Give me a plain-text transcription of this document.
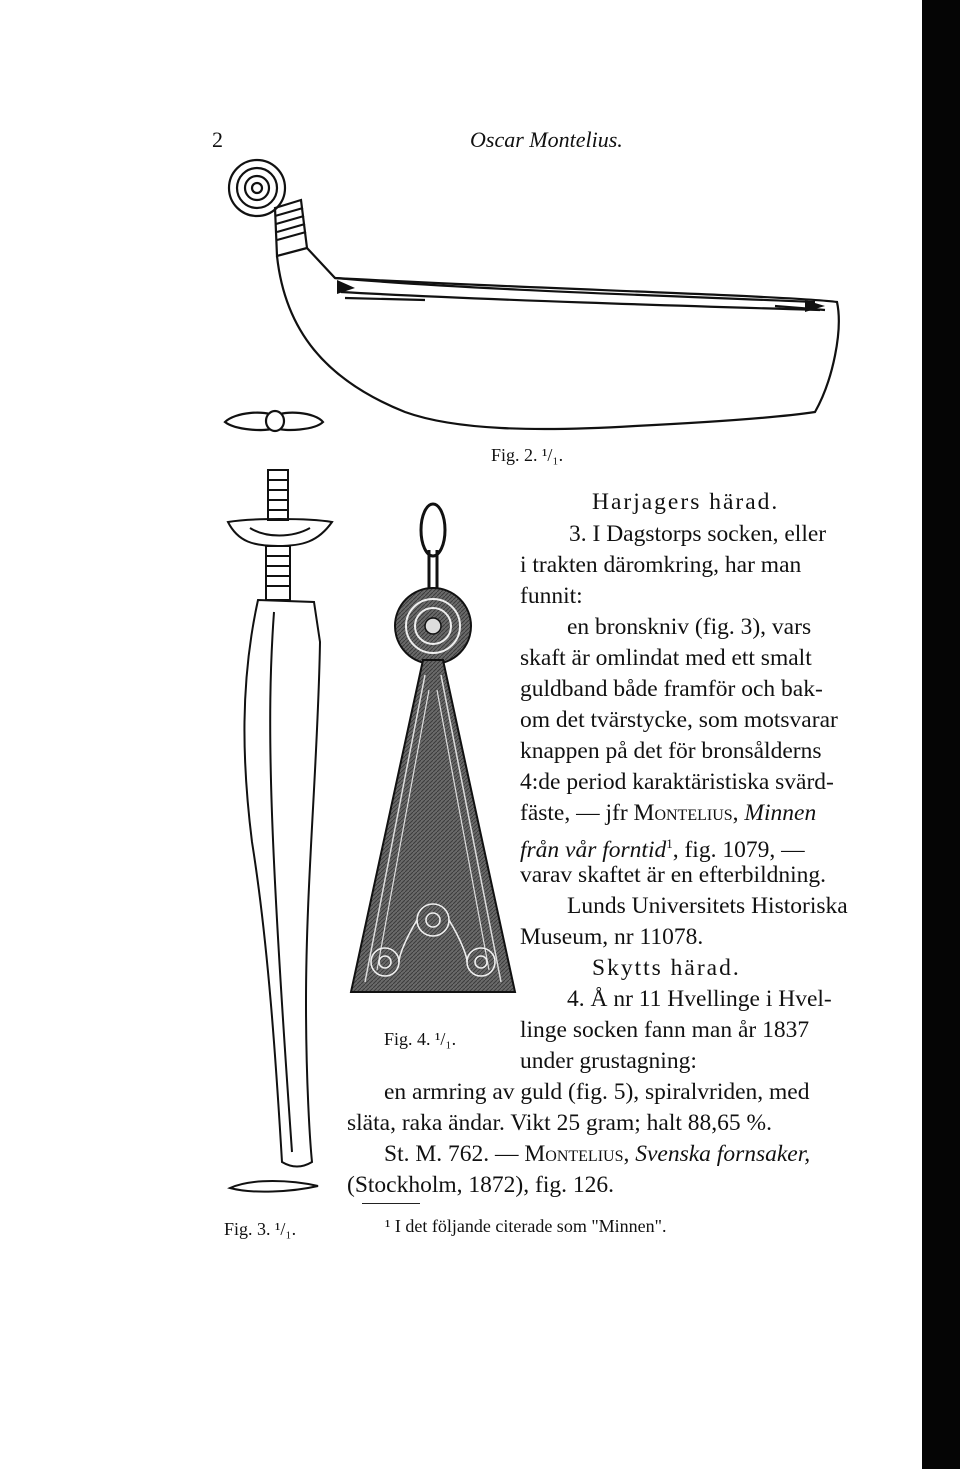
2	Oscar Montelius.
Fig. 2. ¹/₁.
Fig. 3. ¹/₁.
Fig. 4. ¹/₁.
Harjagers härad.
3. I Dagstorps socken, eller
i trakten däromkring, har man
funnit:
en bronskniv (fig. 3), vars
skaft är omlindat med ett smalt
guldband både framför och bak-
om det tvärstycke, som motsvarar
knappen på det för bronsålderns
4:de period karaktäristiska svärd-
fäste, — jfr Montelius, Minnen
från vår forntid$^1$, fig. 1079, —
varav skaftet är en efterbildning.
Lunds Universitets Historiska
Museum, nr 11078.
Skytts härad.
4. Å nr 11 Hvellinge i Hvel-
linge socken fann man år 1837
under grustagning:
en armring av guld (fig. 5), spiralvriden, med
släta, raka ändar. Vikt 25 gram; halt 88,65 %.
St. M. 762. — Montelius, Svenska fornsaker,
(Stockholm, 1872), fig. 126.
¹ I det följande citerade som "Minnen".
